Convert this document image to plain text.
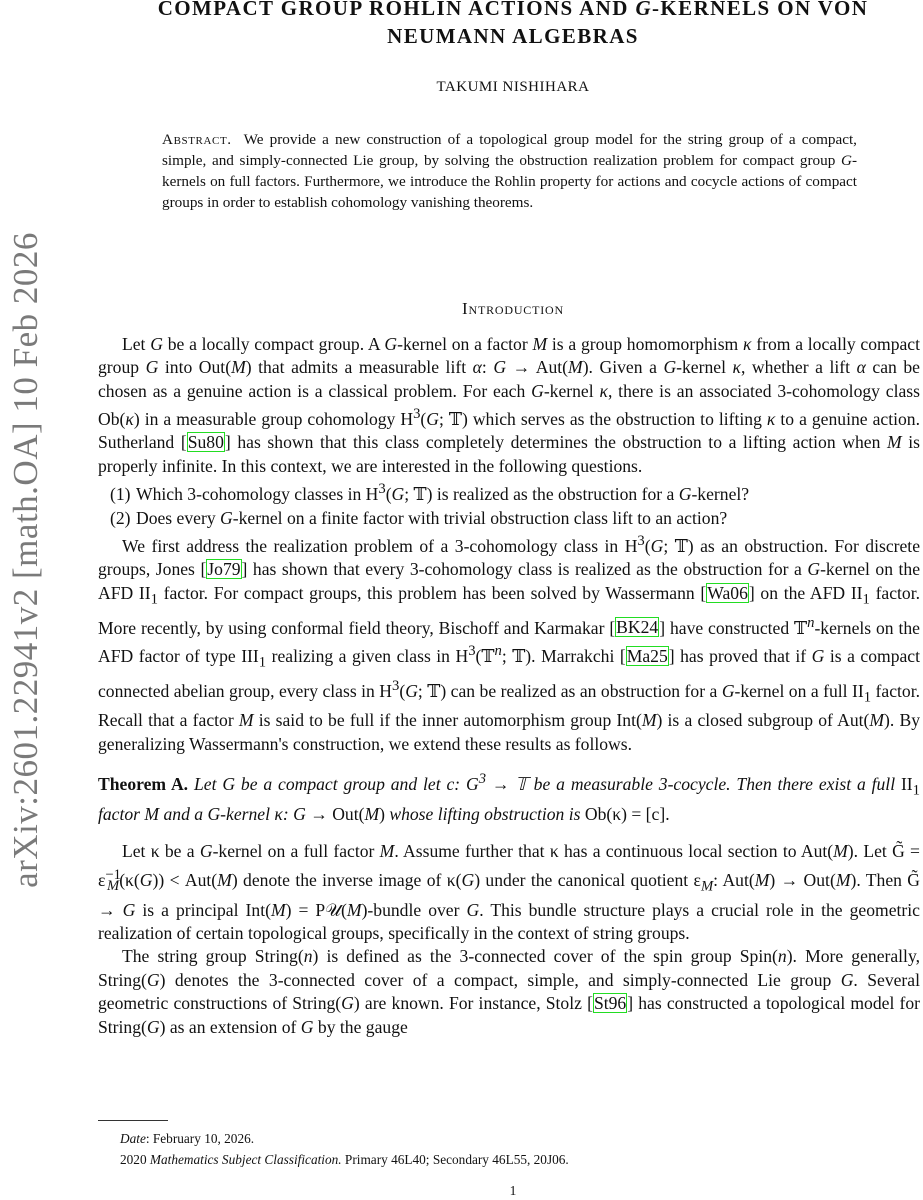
arXiv:2601.22941v2 [math.OA] 10 Feb 2026
COMPACT GROUP ROHLIN ACTIONS AND G-KERNELS ON VON
NEUMANN ALGEBRAS
TAKUMI NISHIHARA
Abstract. We provide a new construction of a topological group model for the string group of a compact, simple, and simply-connected Lie group, by solving the obstruction realization problem for compact group G-kernels on full factors. Furthermore, we introduce the Rohlin property for actions and cocycle actions of compact groups in order to establish cohomology vanishing theorems.
Introduction

Let G be a locally compact group. A G-kernel on a factor M is a group homomorphism κ from a locally compact group G into Out(M) that admits a measurable lift α: G → Aut(M). Given a G-kernel κ, whether a lift α can be chosen as a genuine action is a classical problem. For each G-kernel κ, there is an associated 3-cohomology class Ob(κ) in a measurable group cohomology $H^3(G$; 𝕋) which serves as the obstruction to lifting κ to a genuine action. Sutherland [Su80] has shown that this class completely determines the obstruction to a lifting action when M is properly infinite. In this context, we are interested in the following questions.

(1) Which 3-cohomology classes in $H^3(G$; 𝕋) is realized as the obstruction for a G-kernel?
(2) Does every G-kernel on a finite factor with trivial obstruction class lift to an action?

We first address the realization problem of a 3-cohomology class in $H^3(G$; 𝕋) as an obstruction. For discrete groups, Jones [Jo79] has shown that every 3-cohomology class is realized as the obstruction for a G-kernel on the AFD $II_1$ factor. For compact groups, this problem has been solved by Wassermann [Wa06] on the AFD $II_1$ factor. More recently, by using conformal field theory, Bischoff and Karmakar [BK24] have constructed 𝕋$^n$-kernels on the AFD factor of type $III_1$ realizing a given class in $H^3(𝕋^n$; 𝕋). Marrakchi [Ma25] has proved that if G is a compact connected abelian group, every class in $H^3(G$; 𝕋) can be realized as an obstruction for a G-kernel on a full $II_1$ factor. Recall that a factor M is said to be full if the inner automorphism group Int(M) is a closed subgroup of Aut(M). By generalizing Wassermann's construction, we extend these results as follows.

Theorem A. Let G be a compact group and let c: $G^3$ → 𝕋 be a measurable 3-cocycle. Then there exist a full $II_1$ factor M and a G-kernel κ: G → Out(M) whose lifting obstruction is Ob(κ) = [c].

Let κ be a G-kernel on a full factor M. Assume further that κ has a continuous local section to Aut(M). Let G̃ = $\varepsilon^{-1}_M(\kappa(G)) < Aut(M)$ denote the inverse image of κ(G) under the canonical quotient $\varepsilon_M$: Aut(M) → Out(M). Then G̃ → G is a principal Int(M) = P𝒰(M)-bundle over G. This bundle structure plays a crucial role in the geometric realization of certain topological groups, specifically in the context of string groups.

The string group String(n) is defined as the 3-connected cover of the spin group Spin(n). More generally, String(G) denotes the 3-connected cover of a compact, simple, and simply-connected Lie group G. Several geometric constructions of String(G) are known. For instance, Stolz [St96] has constructed a topological model for String(G) as an extension of G by the gauge

Date: February 10, 2026.
2020 Mathematics Subject Classification. Primary 46L40; Secondary 46L55, 20J06.
1
